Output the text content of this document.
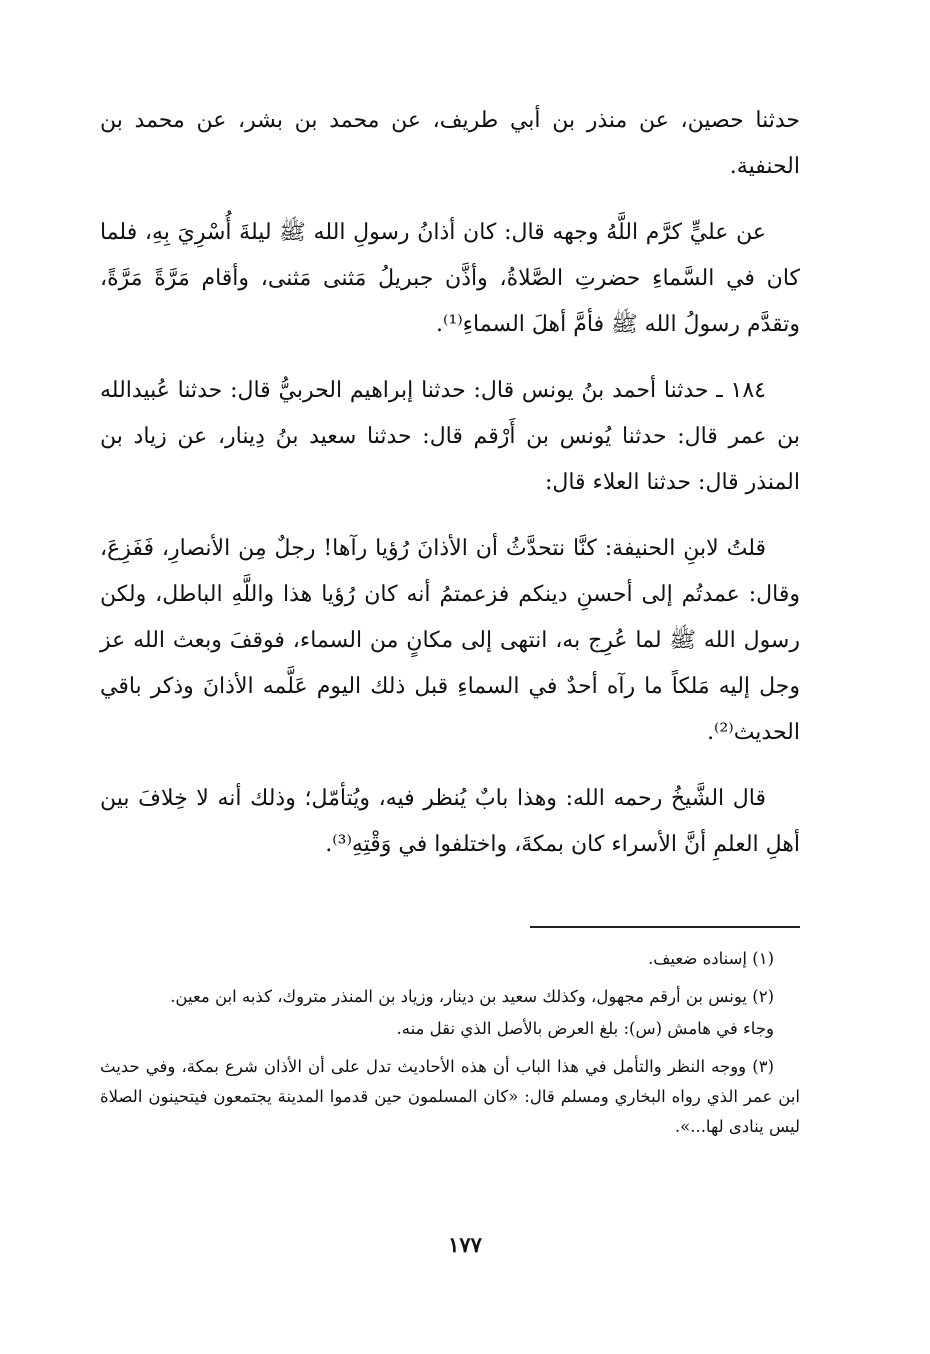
حدثنا حصين، عن منذر بن أبي طريف، عن محمد بن بشر، عن محمد بن الحنفية.

عن عليٍّ كرَّم اللَّهُ وجهه قال: كان أذانُ رسولِ الله ﷺ ليلةَ أُسْرِيَ بِهِ، فلما كان في السَّماءِ حضرتِ الصَّلاةُ، وأذَّن جبريلُ مَثنى مَثنى، وأقام مَرَّةً مَرَّةً، وتقدَّم رسولُ الله ﷺ فأمَّ أهلَ السماءِ⁽¹⁾.

١٨٤ ـ حدثنا أحمد بنُ يونس قال: حدثنا إبراهيم الحربيُّ قال: حدثنا عُبيدالله بن عمر قال: حدثنا يُونس بن أَرْقم قال: حدثنا سعيد بنُ دِينار، عن زياد بن المنذر قال: حدثنا العلاء قال:

قلتُ لابنِ الحنيفة: كنَّا نتحدَّثُ أن الأذانَ رُؤيا رآها! رجلٌ مِن الأنصارِ، فَفَزِعَ، وقال: عمدتُم إلى أحسنِ دينكم فزعمتمُ أنه كان رُؤيا هذا واللَّهِ الباطل، ولكن رسول الله ﷺ لما عُرِج به، انتهى إلى مكانٍ من السماء، فوقفَ وبعث الله عز وجل إليه مَلكاً ما رآه أحدٌ في السماءِ قبل ذلك اليوم عَلَّمه الأذانَ وذكر باقي الحديث⁽²⁾.

قال الشَّيخُ رحمه الله: وهذا بابٌ يُنظر فيه، ويُتأمّل؛ وذلك أنه لا خِلافَ بين أهلِ العلمِ أنَّ الأسراء كان بمكةَ، واختلفوا في وَقْتِهِ⁽³⁾.

(١) إسناده ضعيف.

(٢) يونس بن أرقم مجهول، وكذلك سعيد بن دينار، وزياد بن المنذر متروك، كذبه ابن معين.

وجاء في هامش (س): بلغ العرض بالأصل الذي نقل منه.

(٣) ووجه النظر والتأمل في هذا الباب أن هذه الأحاديث تدل على أن الأذان شرع بمكة، وفي حديث ابن عمر الذي رواه البخاري ومسلم قال: «كان المسلمون حين قدموا المدينة يجتمعون فيتحينون الصلاة ليس ينادى لها...».

١٧٧
